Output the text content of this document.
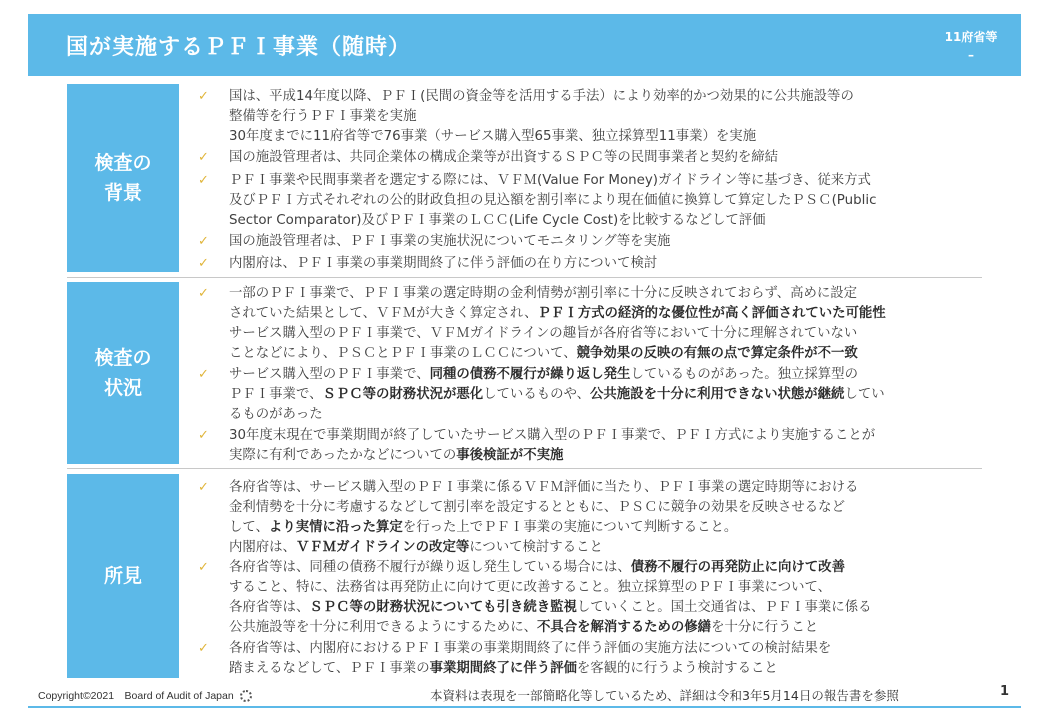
国が実施するＰＦＩ事業（随時）	11府省等
–
検査の
背景
✓ 国は、平成14年度以降、ＰＦＩ(民間の資金等を活用する手法）により効率的かつ効果的に公共施設等の
整備等を行うＰＦＩ事業を実施
30年度までに11府省等で76事業（サービス購入型65事業、独立採算型11事業）を実施
✓ 国の施設管理者は、共同企業体の構成企業等が出資するＳＰＣ等の民間事業者と契約を締結
✓ ＰＦＩ事業や民間事業者を選定する際には、ＶＦＭ(Value For Money)ガイドライン等に基づき、従来方式
及びＰＦＩ方式それぞれの公的財政負担の見込額を割引率により現在価値に換算して算定したＰＳＣ(Public
Sector Comparator)及びＰＦＩ事業のＬＣＣ(Life Cycle Cost)を比較するなどして評価
✓ 国の施設管理者は、ＰＦＩ事業の実施状況についてモニタリング等を実施
✓ 内閣府は、ＰＦＩ事業の事業期間終了に伴う評価の在り方について検討
検査の
状況
✓ 一部のＰＦＩ事業で、ＰＦＩ事業の選定時期の金利情勢が割引率に十分に反映されておらず、高めに設定
されていた結果として、ＶＦＭが大きく算定され、ＰＦＩ方式の経済的な優位性が高く評価されていた可能性
サービス購入型のＰＦＩ事業で、ＶＦＭガイドラインの趣旨が各府省等において十分に理解されていない
ことなどにより、ＰＳＣとＰＦＩ事業のＬＣＣについて、競争効果の反映の有無の点で算定条件が不一致
✓ サービス購入型のＰＦＩ事業で、同種の債務不履行が繰り返し発生しているものがあった。独立採算型の
ＰＦＩ事業で、ＳＰＣ等の財務状況が悪化しているものや、公共施設を十分に利用できない状態が継続してい
るものがあった
✓ 30年度末現在で事業期間が終了していたサービス購入型のＰＦＩ事業で、ＰＦＩ方式により実施することが
実際に有利であったかなどについての事後検証が不実施
所見
✓ 各府省等は、サービス購入型のＰＦＩ事業に係るＶＦＭ評価に当たり、ＰＦＩ事業の選定時期等における
金利情勢を十分に考慮するなどして割引率を設定するとともに、ＰＳＣに競争の効果を反映させるなど
して、より実情に沿った算定を行った上でＰＦＩ事業の実施について判断すること。
内閣府は、ＶＦＭガイドラインの改定等について検討すること
✓ 各府省等は、同種の債務不履行が繰り返し発生している場合には、債務不履行の再発防止に向けて改善
すること、特に、法務省は再発防止に向けて更に改善すること。独立採算型のＰＦＩ事業について、
各府省等は、ＳＰＣ等の財務状況についても引き続き監視していくこと。国土交通省は、ＰＦＩ事業に係る
公共施設等を十分に利用できるようにするために、不具合を解消するための修繕を十分に行うこと
✓ 各府省等は、内閣府におけるＰＦＩ事業の事業期間終了に伴う評価の実施方法についての検討結果を
踏まえるなどして、ＰＦＩ事業の事業期間終了に伴う評価を客観的に行うよう検討すること
Copyright©2021　Board of Audit of Japan	本資料は表現を一部簡略化等しているため、詳細は令和3年5月14日の報告書を参照	1
